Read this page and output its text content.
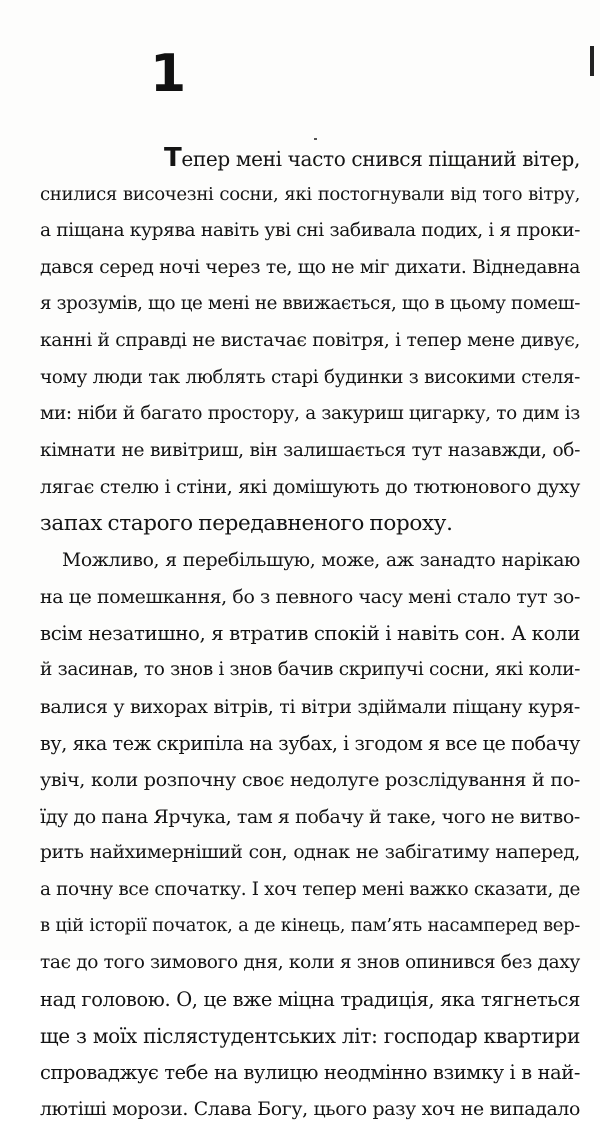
1
Тепер мені часто снився піщаний вітер,
снилися височезні сосни, які постогнували від того вітру,
а піщана курява навіть уві сні забивала подих, і я прoки-
дався серед ночі через те, що не міг дихати. Віднедавна
я зрозумів, що це мені не ввижається, що в цьому помеш-
канні й справді не вистачає повітря, і тепер мене дивує,
чому люди так люблять старі будинки з високими стеля-
ми: ніби й багато простору, а закуриш цигарку, то дим із
кімнати не вивітриш, він залишається тут назавжди, об-
лягає стелю і стіни, які домішують до тютюнового духу
запах старого передавненого пороху.
Можливо, я перебільшую, може, аж занадто нарікаю
на це помешкання, бо з певного часу мені стало тут зо-
всім незатишно, я втратив спокій і навіть сон. А коли
й засинав, то знов і знов бачив скрипучі сосни, які коли-
валися у вихорах вітрів, ті вітри здіймали піщану куря-
ву, яка теж скрипіла на зубах, і згодом я все це побачу
увіч, коли розпочну своє недолуге розслідування й по-
їду до пана Ярчука, там я побачу й таке, чого не витво-
рить найхимерніший сон, однак не забігатиму наперед,
а почну все спочатку. І хоч тепер мені важко сказати, де
в цій історії початок, а де кінець, пам’ять насамперед вер-
тає до того зимового дня, коли я знов опинився без даху
над головою. О, це вже міцна традиція, яка тягнеться
ще з моїх післястудентських літ: господар квартири
спроваджує тебе на вулицю неодмінно взимку і в най-
лютіші морози. Слава Богу, цього разу хоч не випадало
